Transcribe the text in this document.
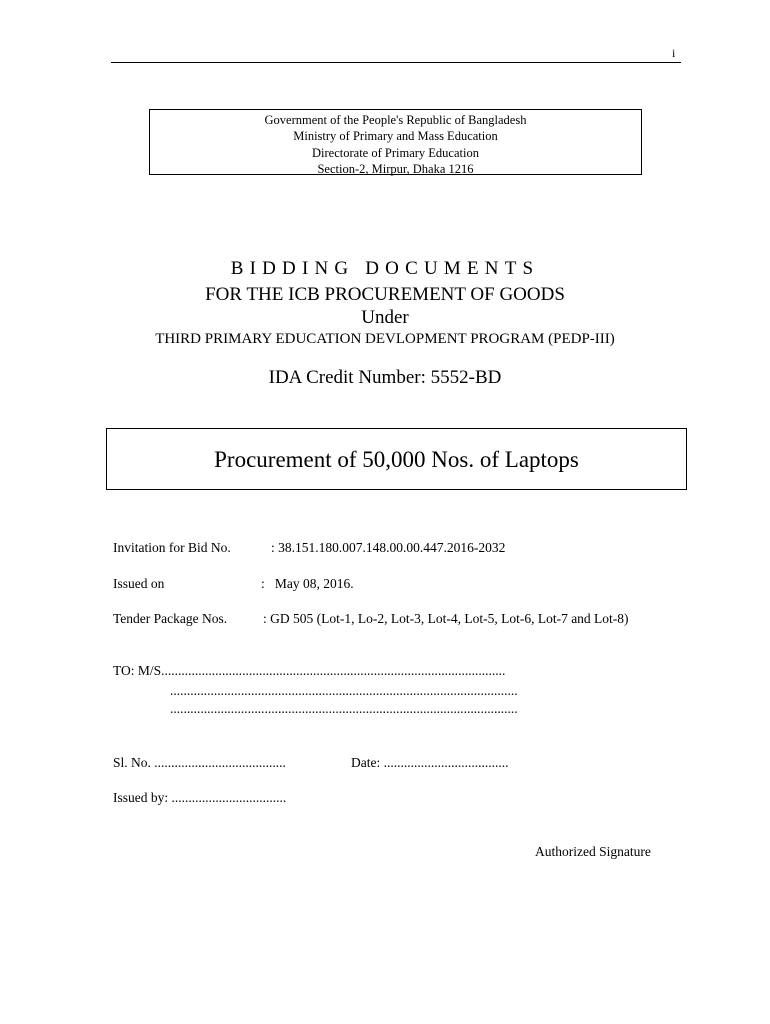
i
Government of the People's Republic of Bangladesh
Ministry of Primary and Mass Education
Directorate of Primary Education
Section-2, Mirpur, Dhaka 1216
BIDDING DOCUMENTS
FOR THE ICB PROCUREMENT OF GOODS
Under
THIRD PRIMARY EDUCATION DEVLOPMENT PROGRAM (PEDP-III)
IDA Credit Number: 5552-BD
Procurement of 50,000 Nos. of Laptops
Invitation for Bid No.	: 38.151.180.007.148.00.00.447.2016-2032
Issued on	:   May 08, 2016.
Tender Package Nos.	: GD 505 (Lot-1, Lo-2, Lot-3, Lot-4, Lot-5, Lot-6, Lot-7 and Lot-8)
TO: M/S......................................................................................................
.......................................................................................................
.......................................................................................................
Sl. No. .......................................	Date: .....................................
Issued by: ..................................
Authorized Signature
